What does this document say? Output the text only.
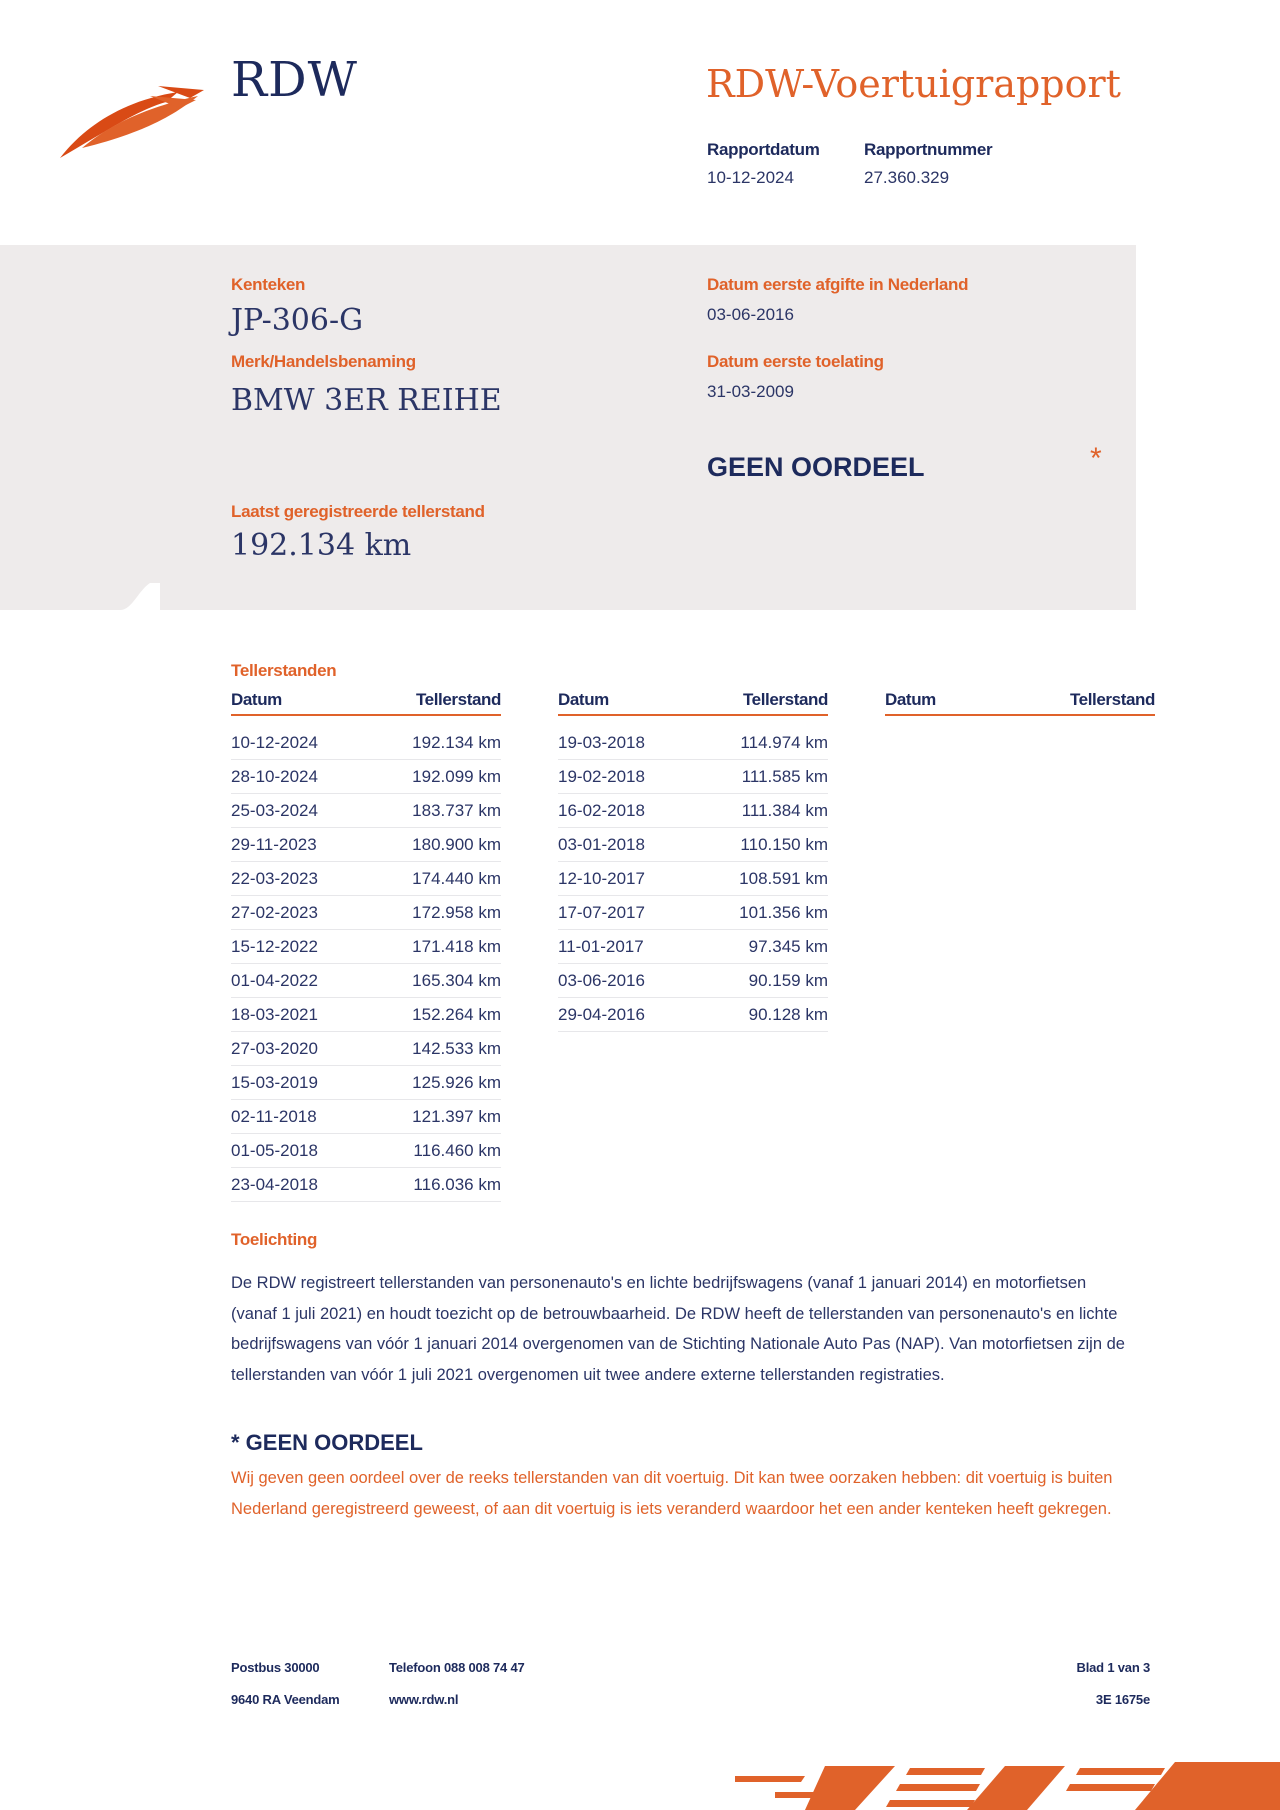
RDW	RDW-Voertuigrapport
Rapportdatum
10-12-2024
Rapportnummer
27.360.329
Kenteken
JP-306-G
Merk/Handelsbenaming
BMW 3ER REIHE
Laatst geregistreerde tellerstand
192.134 km
Datum eerste afgifte in Nederland
03-06-2016
Datum eerste toelating
31-03-2009
GEEN OORDEEL	*
Tellerstanden
Datum	Tellerstand
10-12-2024	192.134 km
28-10-2024	192.099 km
25-03-2024	183.737 km
29-11-2023	180.900 km
22-03-2023	174.440 km
27-02-2023	172.958 km
15-12-2022	171.418 km
01-04-2022	165.304 km
18-03-2021	152.264 km
27-03-2020	142.533 km
15-03-2019	125.926 km
02-11-2018	121.397 km
01-05-2018	116.460 km
23-04-2018	116.036 km
Datum	Tellerstand
19-03-2018	114.974 km
19-02-2018	111.585 km
16-02-2018	111.384 km
03-01-2018	110.150 km
12-10-2017	108.591 km
17-07-2017	101.356 km
11-01-2017	97.345 km
03-06-2016	90.159 km
29-04-2016	90.128 km
Datum	Tellerstand
Toelichting
De RDW registreert tellerstanden van personenauto's en lichte bedrijfswagens (vanaf 1 januari 2014) en motorfietsen (vanaf 1 juli 2021) en houdt toezicht op de betrouwbaarheid. De RDW heeft de tellerstanden van personenauto's en lichte bedrijfswagens van vóór 1 januari 2014 overgenomen van de Stichting Nationale Auto Pas (NAP). Van motorfietsen zijn de tellerstanden van vóór 1 juli 2021 overgenomen uit twee andere externe tellerstanden registraties.
* GEEN OORDEEL
Wij geven geen oordeel over de reeks tellerstanden van dit voertuig. Dit kan twee oorzaken hebben: dit voertuig is buiten Nederland geregistreerd geweest, of aan dit voertuig is iets veranderd waardoor het een ander kenteken heeft gekregen.
Postbus 30000
9640 RA Veendam
Telefoon 088 008 74 47
www.rdw.nl
Blad 1 van 3
3E 1675e
